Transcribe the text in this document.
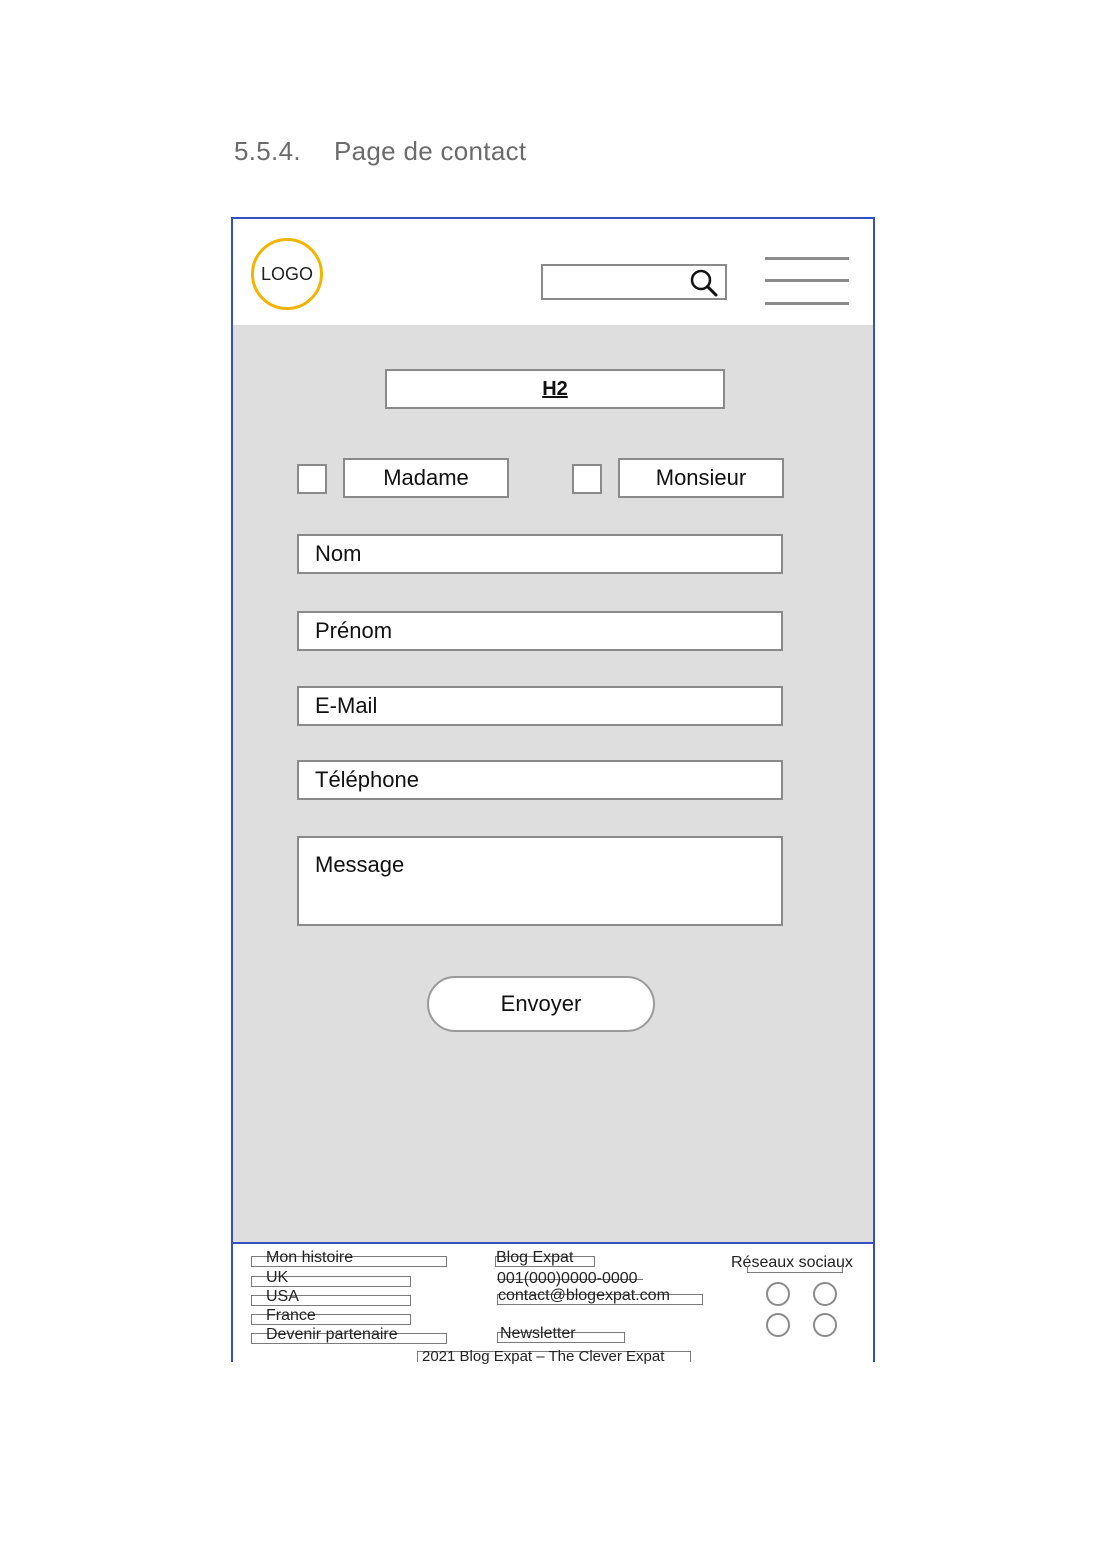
5.5.4. Page de contact
LOGO
H2
Madame	Monsieur
Nom
Prénom
E-Mail
Téléphone
Message
Envoyer
Mon histoire
UK
USA
France
Devenir partenaire
Blog Expat
001(000)0000-0000
contact@blogexpat.com
Newsletter
Réseaux sociaux
2021 Blog Expat – The Clever Expat
